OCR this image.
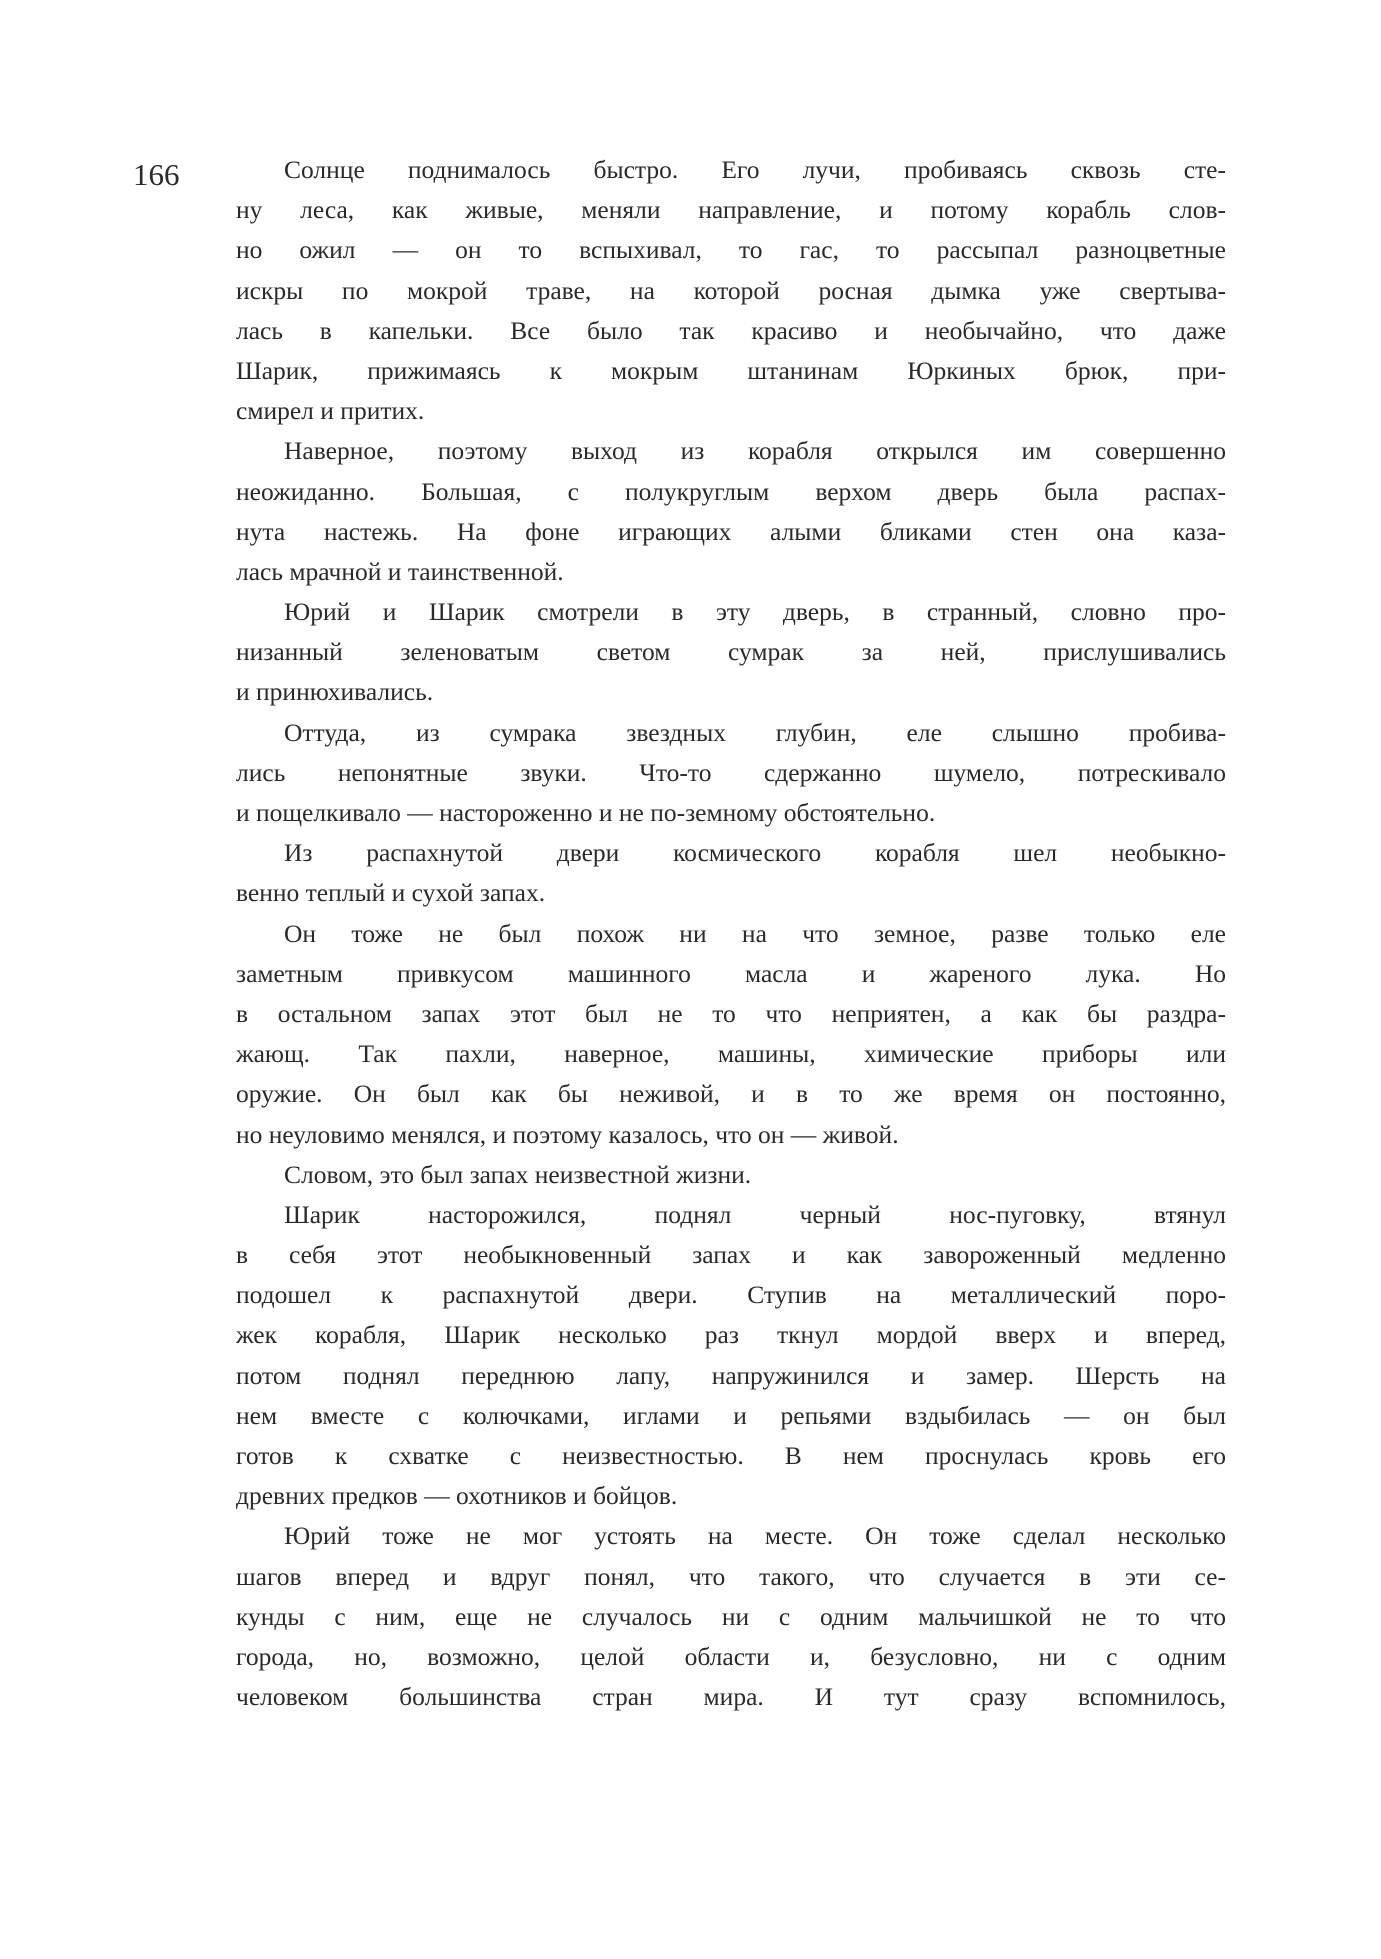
166	Солнце поднималось быстро. Его лучи, пробиваясь сквозь сте-
ну леса, как живые, меняли направление, и потому корабль слов-
но ожил — он то вспыхивал, то гас, то рассыпал разноцветные
искры по мокрой траве, на которой росная дымка уже свертыва-
лась в капельки. Все было так красиво и необычайно, что даже
Шарик, прижимаясь к мокрым штанинам Юркиных брюк, при-
смирел и притих.
Наверное, поэтому выход из корабля открылся им совершенно
неожиданно. Большая, с полукруглым верхом дверь была распах-
нута настежь. На фоне играющих алыми бликами стен она каза-
лась мрачной и таинственной.
Юрий и Шарик смотрели в эту дверь, в странный, словно про-
низанный зеленоватым светом сумрак за ней, прислушивались
и принюхивались.
Оттуда, из сумрака звездных глубин, еле слышно пробива-
лись непонятные звуки. Что-то сдержанно шумело, потрескивало
и пощелкивало — настороженно и не по-земному обстоятельно.
Из распахнутой двери космического корабля шел необыкно-
венно теплый и сухой запах.
Он тоже не был похож ни на что земное, разве только еле
заметным привкусом машинного масла и жареного лука. Но
в остальном запах этот был не то что неприятен, а как бы раздра-
жающ. Так пахли, наверное, машины, химические приборы или
оружие. Он был как бы неживой, и в то же время он постоянно,
но неуловимо менялся, и поэтому казалось, что он — живой.
Словом, это был запах неизвестной жизни.
Шарик насторожился, поднял черный нос-пуговку, втянул
в себя этот необыкновенный запах и как завороженный медленно
подошел к распахнутой двери. Ступив на металлический поро-
жек корабля, Шарик несколько раз ткнул мордой вверх и вперед,
потом поднял переднюю лапу, напружинился и замер. Шерсть на
нем вместе с колючками, иглами и репьями вздыбилась — он был
готов к схватке с неизвестностью. В нем проснулась кровь его
древних предков — охотников и бойцов.
Юрий тоже не мог устоять на месте. Он тоже сделал несколько
шагов вперед и вдруг понял, что такого, что случается в эти се-
кунды с ним, еще не случалось ни с одним мальчишкой не то что
города, но, возможно, целой области и, безусловно, ни с одним
человеком большинства стран мира. И тут сразу вспомнилось,
